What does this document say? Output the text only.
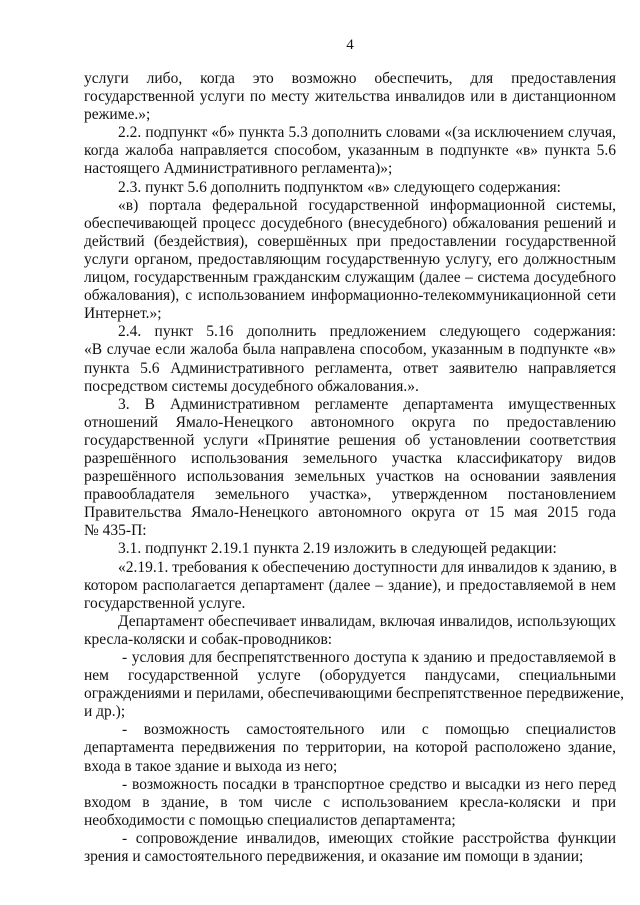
4
услуги либо, когда это возможно обеспечить, для предоставления
государственной услуги по месту жительства инвалидов или в дистанционном
режиме.»;
2.2. подпункт «б» пункта 5.3 дополнить словами «(за исключением случая,
когда жалоба направляется способом, указанным в подпункте «в» пункта 5.6
настоящего Административного регламента)»;
2.3. пункт 5.6 дополнить подпунктом «в» следующего содержания:
«в) портала федеральной государственной информационной системы,
обеспечивающей процесс досудебного (внесудебного) обжалования решений и
действий (бездействия), совершённых при предоставлении государственной
услуги органом, предоставляющим государственную услугу, его должностным
лицом, государственным гражданским служащим (далее – система досудебного
обжалования), с использованием информационно-телекоммуникационной сети
Интернет.»;
2.4. пункт 5.16 дополнить предложением следующего содержания:
«В случае если жалоба была направлена способом, указанным в подпункте «в»
пункта 5.6 Административного регламента, ответ заявителю направляется
посредством системы досудебного обжалования.».
3. В Административном регламенте департамента имущественных
отношений Ямало-Ненецкого автономного округа по предоставлению
государственной услуги «Принятие решения об установлении соответствия
разрешённого использования земельного участка классификатору видов
разрешённого использования земельных участков на основании заявления
правообладателя земельного участка», утвержденном постановлением
Правительства Ямало-Ненецкого автономного округа от 15 мая 2015 года
№ 435-П:
3.1. подпункт 2.19.1 пункта 2.19 изложить в следующей редакции:
«2.19.1. требования к обеспечению доступности для инвалидов к зданию, в
котором располагается департамент (далее – здание), и предоставляемой в нем
государственной услуге.
Департамент обеспечивает инвалидам, включая инвалидов, использующих
кресла-коляски и собак-проводников:
- условия для беспрепятственного доступа к зданию и предоставляемой в
нем государственной услуге (оборудуется пандусами, специальными
ограждениями и перилами, обеспечивающими беспрепятственное передвижение,
и др.);
- возможность самостоятельного или с помощью специалистов
департамента передвижения по территории, на которой расположено здание,
входа в такое здание и выхода из него;
- возможность посадки в транспортное средство и высадки из него перед
входом в здание, в том числе с использованием кресла-коляски и при
необходимости с помощью специалистов департамента;
- сопровождение инвалидов, имеющих стойкие расстройства функции
зрения и самостоятельного передвижения, и оказание им помощи в здании;
